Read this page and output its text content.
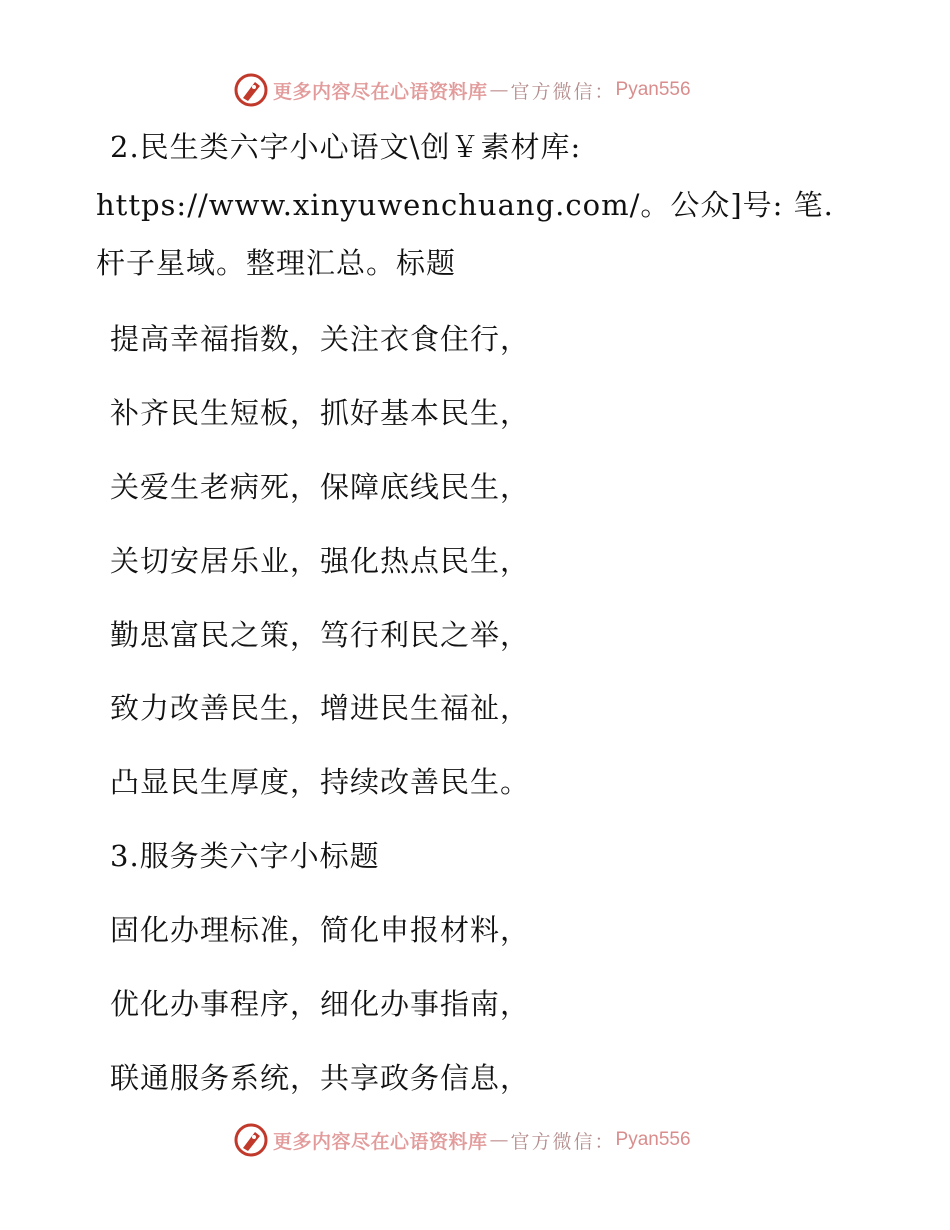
更多内容尽在心语资料库 — 官方微信： Pyan556

2.民生类六字小心语文\创￥素材库: https://www.xinyuwenchuang.com/。公众]号: 笔.杆子星域。整理汇总。标题

提高幸福指数，关注衣食住行，
补齐民生短板，抓好基本民生，
关爱生老病死，保障底线民生，
关切安居乐业，强化热点民生，
勤思富民之策，笃行利民之举，
致力改善民生，增进民生福祉，
凸显民生厚度，持续改善民生。
3.服务类六字小标题
固化办理标准，简化申报材料，
优化办事程序，细化办事指南，
联通服务系统，共享政务信息，
更多内容尽在心语资料库 — 官方微信： Pyan556
